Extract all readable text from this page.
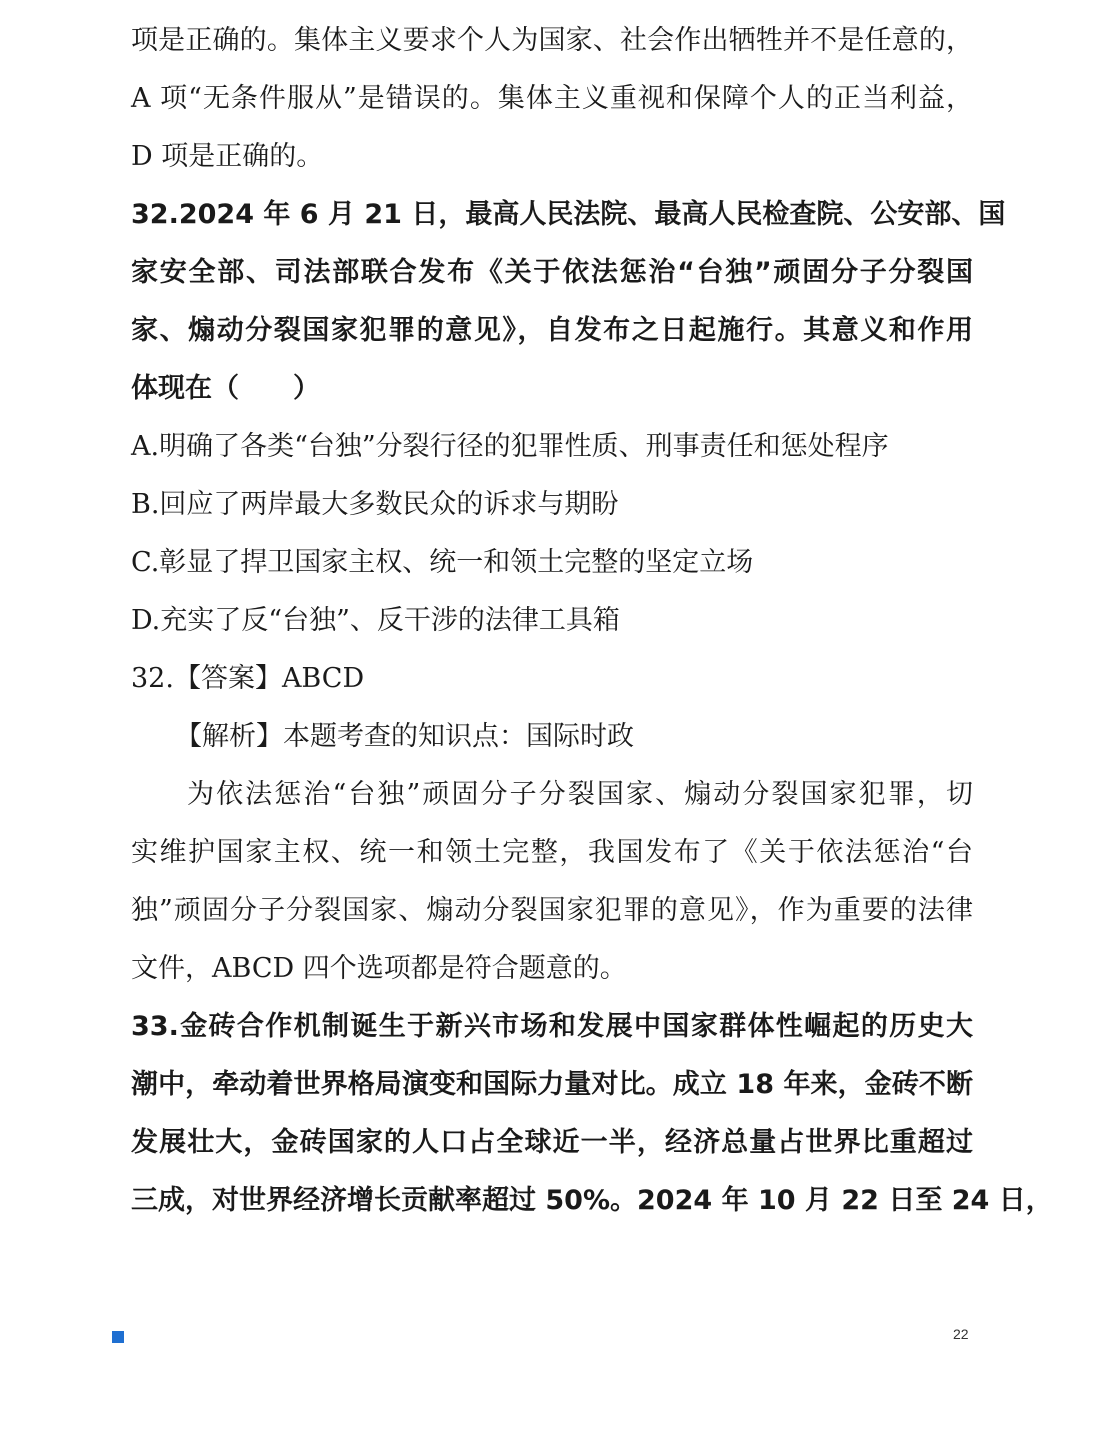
项是正确的。集体主义要求个人为国家、社会作出牺牲并不是任意的，
A 项“无条件服从”是错误的。集体主义重视和保障个人的正当利益，
D 项是正确的。
32.2024 年 6 月 21 日，最高人民法院、最高人民检查院、公安部、国
家安全部、司法部联合发布《关于依法惩治“台独”顽固分子分裂国
家、煽动分裂国家犯罪的意见》，自发布之日起施行。其意义和作用
体现在（　　）
A.明确了各类“台独”分裂行径的犯罪性质、刑事责任和惩处程序
B.回应了两岸最大多数民众的诉求与期盼
C.彰显了捍卫国家主权、统一和领土完整的坚定立场
D.充实了反“台独”、反干涉的法律工具箱
32.【答案】ABCD
【解析】本题考查的知识点：国际时政
为依法惩治“台独”顽固分子分裂国家、煽动分裂国家犯罪，切
实维护国家主权、统一和领土完整，我国发布了《关于依法惩治“台
独”顽固分子分裂国家、煽动分裂国家犯罪的意见》，作为重要的法律
文件，ABCD 四个选项都是符合题意的。
33.金砖合作机制诞生于新兴市场和发展中国家群体性崛起的历史大
潮中，牵动着世界格局演变和国际力量对比。成立 18 年来，金砖不断
发展壮大，金砖国家的人口占全球近一半，经济总量占世界比重超过
三成，对世界经济增长贡献率超过 50%。2024 年 10 月 22 日至 24 日，
22
